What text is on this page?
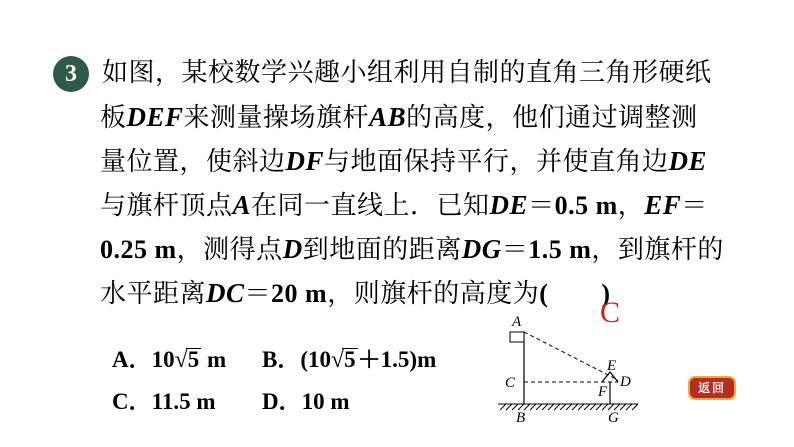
3 如图，某校数学兴趣小组利用自制的直角三角形硬纸
板DEF来测量操场旗杆AB的高度，他们通过调整测
量位置，使斜边DF与地面保持平行，并使直角边DE
与旗杆顶点A在同一直线上．已知DE＝0.5 m，EF＝
0.25 m，测得点D到地面的距离DG＝1.5 m，到旗杆的
水平距离DC＝20 m，则旗杆的高度为(　　)
C
A．10√5 m B．(10√5＋1.5)m
C．11.5 m D．10 m
A
C
B
E
D
F
G
返回
